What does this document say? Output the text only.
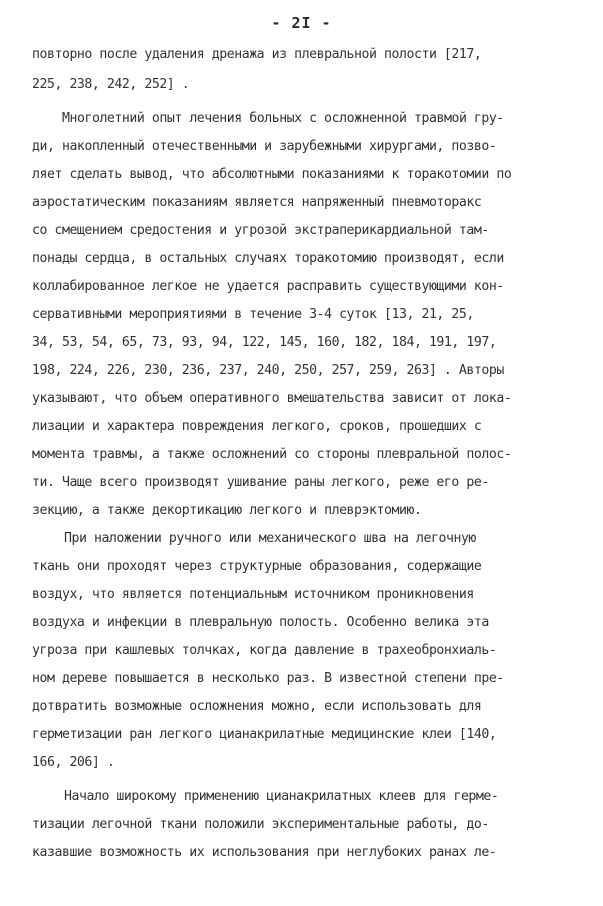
- 2I -
повторно после удаления дренажа из плевральной полости [217,
225, 238, 242, 252] .
Многолетний опыт лечения больных с осложненной травмой гру-
ди, накопленный отечественными и зарубежными хирургами, позво-
ляет сделать вывод, что абсолютными показаниями к торакотомии по
аэростатическим показаниям является напряженный пневмоторакс
со смещением средостения и угрозой экстраперикардиальной там-
понады сердца, в остальных случаях торакотомию производят, если
коллабированное легкое не удается расправить существующими кон-
сервативными мероприятиями в течение 3-4 суток [13, 21, 25,
34, 53, 54, 65, 73, 93, 94, 122, 145, 160, 182, 184, 191, 197,
198, 224, 226, 230, 236, 237, 240, 250, 257, 259, 263] . Авторы
указывают, что объем оперативного вмешательства зависит от лока-
лизации и характера повреждения легкого, сроков, прошедших с
момента травмы, а также осложнений со стороны плевральной полос-
ти. Чаще всего производят ушивание раны легкого, реже его ре-
зекцию, а также декортикацию легкого и плеврэктомию.
При наложении ручного или механического шва на легочную
ткань они проходят через структурные образования, содержащие
воздух, что является потенциальным источником проникновения
воздуха и инфекции в плевральную полость. Особенно велика эта
угроза при кашлевых толчках, когда давление в трахеобронхиаль-
ном дереве повышается в несколько раз. В известной степени пре-
дотвратить возможные осложнения можно, если использовать для
герметизации ран легкого цианакрилатные медицинские клеи [140,
166, 206] .
Начало широкому применению цианакрилатных клеев для герме-
тизации легочной ткани положили экспериментальные работы, до-
казавшие возможность их использования при неглубоких ранах ле-
